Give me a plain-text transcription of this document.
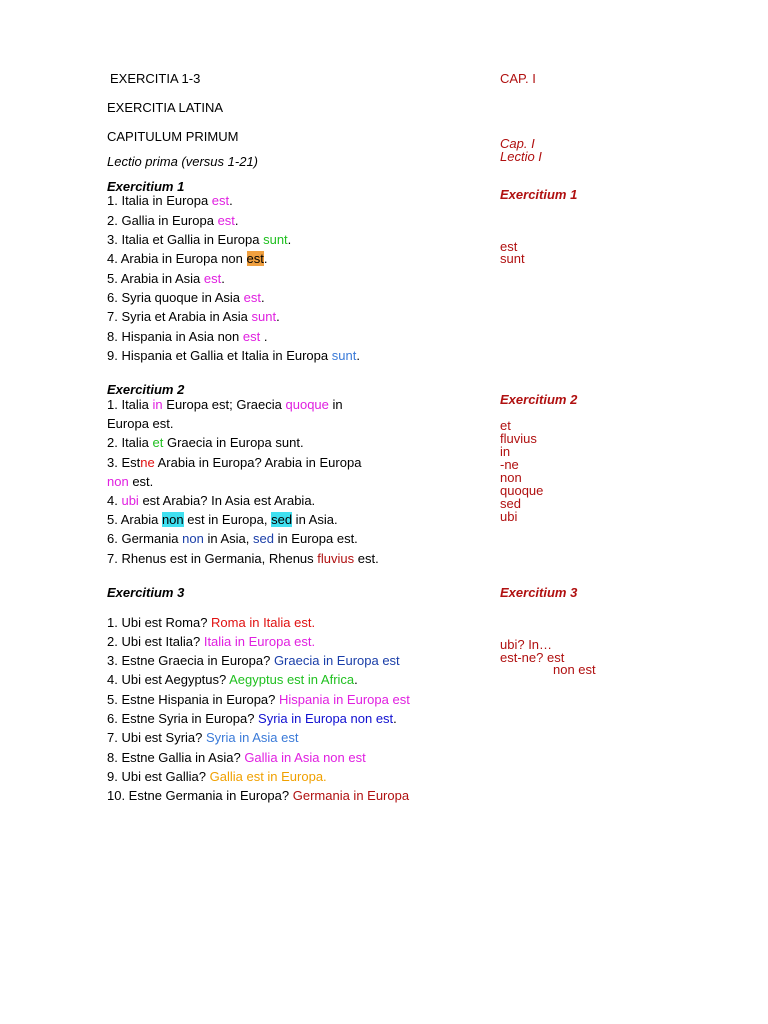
EXERCITIA 1-3
EXERCITIA LATINA
CAPITULUM PRIMUM
Lectio prima (versus 1-21)
CAP. I
Cap. I
Lectio I
Exercitium 1
est
sunt
Exercitium 2
et
fluvius
in
-ne
non
quoque
sed
ubi
Exercitium 3
ubi? In…
est-ne? est
non est
Exercitium 1
1. Italia in Europa est.
2. Gallia in Europa est.
3. Italia et Gallia in Europa sunt.
4. Arabia in Europa non est.
5. Arabia in Asia est.
6. Syria quoque in Asia est.
7. Syria et Arabia in Asia sunt.
8. Hispania in Asia non est .
9. Hispania et Gallia et Italia in Europa sunt.
Exercitium 2
1. Italia in Europa est; Graecia quoque in
Europa est.
2. Italia et Graecia in Europa sunt.
3. Estne Arabia in Europa? Arabia in Europa
non est.
4. ubi est Arabia? In Asia est Arabia.
5. Arabia non est in Europa, sed in Asia.
6. Germania non in Asia, sed in Europa est.
7. Rhenus est in Germania, Rhenus fluvius est.
Exercitium 3
1. Ubi est Roma? Roma in Italia est.
2. Ubi est Italia? Italia in Europa est.
3. Estne Graecia in Europa? Graecia in Europa est
4. Ubi est Aegyptus? Aegyptus est in Africa.
5. Estne Hispania in Europa? Hispania in Europa est
6. Estne Syria in Europa? Syria in Europa non est.
7. Ubi est Syria? Syria in Asia est
8. Estne Gallia in Asia? Gallia in Asia non est
9. Ubi est Gallia? Gallia est in Europa.
10. Estne Germania in Europa? Germania in Europa
